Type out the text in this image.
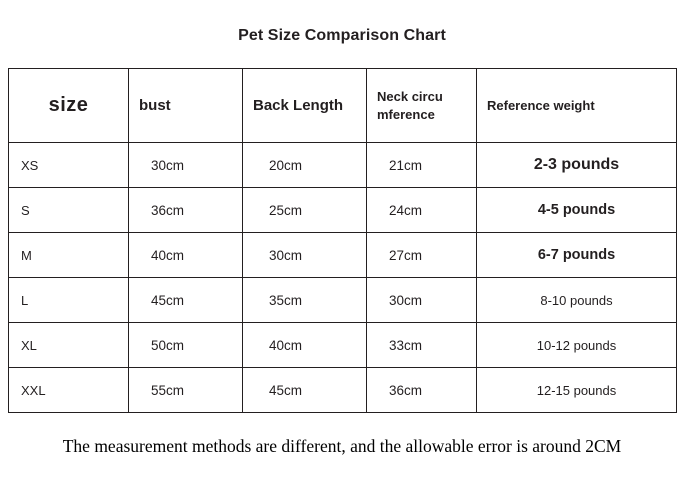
Pet Size Comparison Chart
size	bust	Back Length	Neck circu mference	Reference weight
XS	30cm	20cm	21cm	2-3 pounds
S	36cm	25cm	24cm	4-5 pounds
M	40cm	30cm	27cm	6-7 pounds
L	45cm	35cm	30cm	8-10 pounds
XL	50cm	40cm	33cm	10-12 pounds
XXL	55cm	45cm	36cm	12-15 pounds
The measurement methods are different, and the allowable error is around 2CM
